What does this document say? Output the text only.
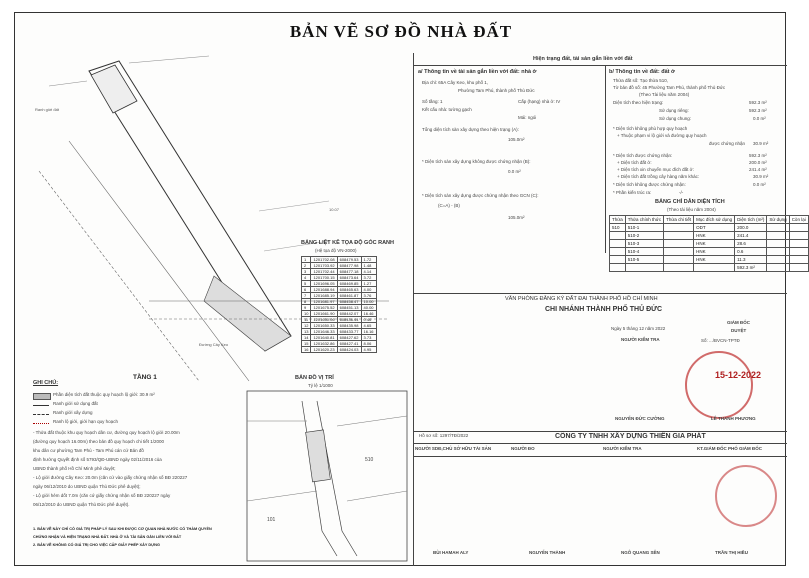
BẢN VẼ SƠ ĐỒ NHÀ ĐẤT
Ranh giới đất
Đường Cây Keo
10.07
TẦNG 1
BẢNG LIỆT KÊ TỌA ĐỘ GÓC RANH
(Hệ tọa độ VN-2000)
1	1201702.08	608479.53	1.72
2	1201703.92	608477.98	1.48
3	1201702.44	608477.18	4.14
4	1201700.15	608473.64	3.72
5	1201696.05	608469.85	1.27
6	1201688.94	608465.63	4.00
7	1201685.19	608461.87	3.76
8	1201681.97	608458.47	10.00
9	1201675.52	608451.13	40.00
10	1201661.90	608442.07	16.46
11	1201650.06	608436.44	0.46
12	1201650.33	608435.98	4.65
13	1201646.33	608433.77	16.16
14	1201640.81	608427.62	3.73
15	1201632.86	608427.41	8.06
16	1201620.23	608424.03	4.95
BẢN ĐỒ VỊ TRÍ
Tỷ lệ 1/1000
101
510
GHI CHÚ:
Phần diện tích đất thuộc quy hoạch lộ giới: 30.9 m²
Ranh giới sử dụng đất
Ranh giới xây dựng
Ranh lộ giới, giới hạn quy hoạch
- Thửa đất thuộc khu quy hoạch dân cư, đường quy hoạch lộ giới 20.00m
(đường quy hoạch 16.00m) theo bản đồ quy hoạch chi tiết 1/2000
khu dân cư phường Tam Phú - Tam Phú cán cứ Bản đồ
định hướng Quyết định số 5793/QĐ-UBND ngày 02/11/2016 của
UBND thành phố Hồ Chí Minh phê duyệt;
- Lộ giới đường Cây Keo: 20.0m (căn cứ vào giấy chứng nhận số BĐ 220227
ngày 06/12/2010 do UBND quận Thủ Đức phê duyệt);
- Lộ giới hẻm dốt 7.0m (căn cứ giấy chứng nhận số BĐ 220227 ngày
06/12/2010 do UBND quận Thủ Đức phê duyệt).
1. BẢN VẼ NÀY CHỈ CÓ GIÁ TRỊ PHÁP LÝ SAU KHI ĐƯỢC CƠ QUAN NHÀ NƯỚC CÓ THẨM QUYỀN
CHỨNG NHẬN VÀ HIỆN TRẠNG NHÀ ĐẤT. NHÀ Ở VÀ TÀI SẢN GẮN LIỀN VỚI ĐẤT
2. BẢN VẼ KHÔNG CÓ GIÁ TRỊ CHO VIỆC CẤP GIẤY PHÉP XÂY DỰNG
Hiện trạng đất, tài sản gắn liền với đất
a/ Thông tin về tài sản gắn liền với đất: nhà ở
Địa chỉ: 65A Cây Keo, khu phố 1,
Phường Tam Phú, thành phố Thủ Đức
Số tầng: 1	Cấp (hạng) nhà ở: IV
Kết cấu nhà: tường gạch
Mái: ngói
Tổng diện tích sàn xây dựng theo hiện trạng (A):
105.0m²
* Diện tích sàn xây dựng không được chứng nhận (B):
0.0 m²
* Diện tích sàn xây dựng được chứng nhận theo GCN (C):
(C=A) - (B)
105.0m²
b/ Thông tin về đất: đất ở
Thửa đất số: Tạo thửa 510,
Tờ bản đồ số: 45 Phường Tam Phú, thành phố Thủ Đức
(Theo Tài liệu năm 2004)
Diện tích theo hiện trạng:	592.3 m²
Sử dụng riêng:	592.3 m²
Sử dụng chung:	0.0 m²
* Diện tích không phù hợp quy hoạch
+ Thuộc phạm vi lộ giới và đường quy hoạch
được chứng nhận 30.9 m²
* Diện tích được chứng nhận:	592.3 m²
+ Diện tích đất ở:	200.0 m²
+ Diện tích xin chuyển mục đích đất ở:	241.4 m²
+ Diện tích đất trồng cây hàng năm khác:	30.9 m²
* Diện tích không được chứng nhận:	0.0 m²
* Phần kiến trúc ra:	-/-
BẢNG CHỈ DẪN DIỆN TÍCH
(Theo tài liệu năm 2004)
Thửa	Thửa chính thức	Thửa chi tiết	Mục đích sử dụng	Diện tích (m²)	Sử dụng	Còn lại
510	510-1		ODT	200.0		
	510-2		HNK	241.4		
	510-3		HNK	28.6		
	510-4		HNK	0.6		
	510-5		HNK	11.3		
				592.3 m²		
VĂN PHÒNG ĐĂNG KÝ ĐẤT ĐAI THÀNH PHỐ HỒ CHÍ MINH
CHI NHÁNH THÀNH PHỐ THỦ ĐỨC
Ngày 5 tháng 12 năm 2022
NGƯỜI KIỂM TRA
GIÁM ĐỐC
DUYỆT
Số: .../BVCN-TPTĐ
15-12-2022
NGUYỄN ĐỨC CƯỜNG	LÊ THANH PHƯƠNG
Hồ sơ số: 1297/TĐ/2022	CÔNG TY TNHH XÂY DỰNG THIÊN GIA PHÁT
NGƯỜI SDĐ,CHỦ SỞ HỮU TÀI SẢN
BÙI HAMAH ALY
NGƯỜI ĐO
NGUYỄN THÀNH
NGƯỜI KIỂM TRA
NGÔ QUANG SÊN
KT.GIÁM ĐỐC PHÓ GIÁM ĐỐC
TRẦN THỊ HIỀU
